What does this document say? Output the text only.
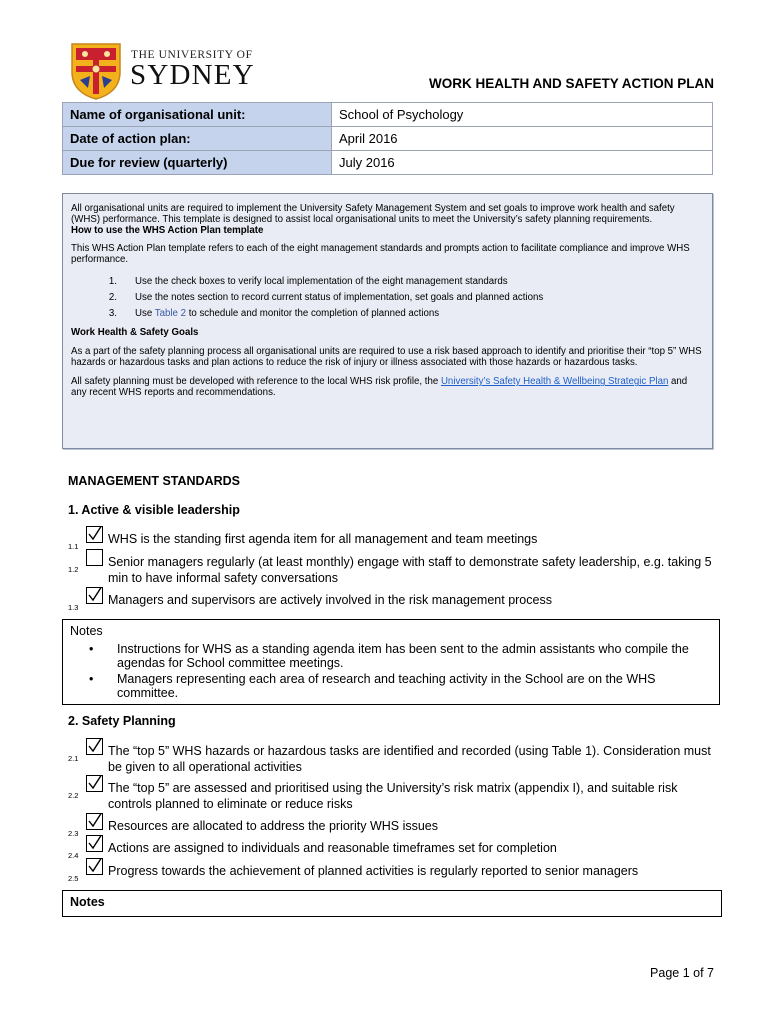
THE UNIVERSITY OF
SYDNEY	WORK HEALTH AND SAFETY ACTION PLAN
Name of organisational unit:	School of Psychology
Date of action plan:	April 2016
Due for review (quarterly)	July 2016

All organisational units are required to implement the University Safety Management System and set goals to improve work health and safety (WHS) performance. This template is designed to assist local organisational units to meet the University’s safety planning requirements.

How to use the WHS Action Plan template

This WHS Action Plan template refers to each of the eight management standards and prompts action to facilitate compliance and improve WHS performance.

1.	Use the check boxes to verify local implementation of the eight management standards
2.	Use the notes section to record current status of implementation, set goals and planned actions
3.	Use Table 2 to schedule and monitor the completion of planned actions

Work Health & Safety Goals

As a part of the safety planning process all organisational units are required to use a risk based approach to identify and prioritise their “top 5” WHS hazards or hazardous tasks and plan actions to reduce the risk of injury or illness associated with those hazards or hazardous tasks.

All safety planning must be developed with reference to the local WHS risk profile, the University’s Safety Health & Wellbeing Strategic Plan and any recent WHS reports and recommendations.

MANAGEMENT STANDARDS
1. Active & visible leadership
1.1
WHS is the standing first agenda item for all management and team meetings
1.2
Senior managers regularly (at least monthly) engage with staff to demonstrate safety leadership, e.g. taking 5 min to have informal safety conversations
1.3
Managers and supervisors are actively involved in the risk management process
Notes
• Instructions for WHS as a standing agenda item has been sent to the admin assistants who compile the agendas for School committee meetings.
• Managers representing each area of research and teaching activity in the School are on the WHS committee.
2. Safety Planning
2.1
The “top 5” WHS hazards or hazardous tasks are identified and recorded (using Table 1). Consideration must be given to all operational activities
2.2
The “top 5” are assessed and prioritised using the University’s risk matrix (appendix I), and suitable risk controls planned to eliminate or reduce risks
2.3
Resources are allocated to address the priority WHS issues
2.4
Actions are assigned to individuals and reasonable timeframes set for completion
2.5
Progress towards the achievement of planned activities is regularly reported to senior managers
Notes
Page 1 of 7
